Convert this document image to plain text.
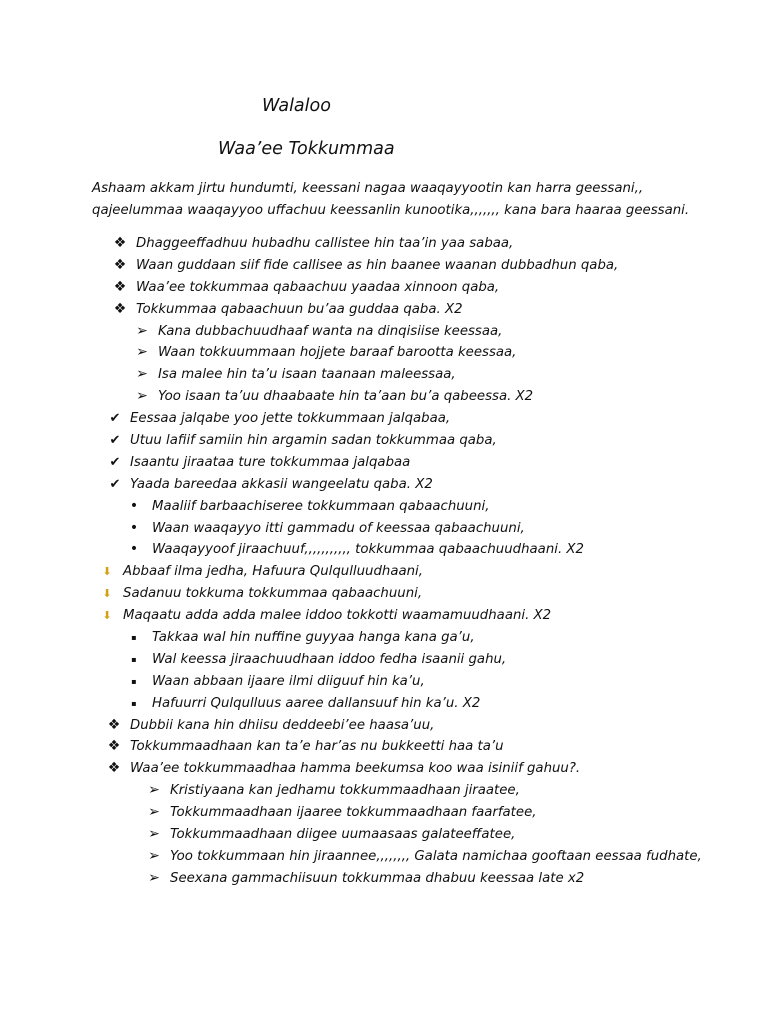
Walaloo
Waa’ee Tokkummaa
Ashaam akkam jirtu hundumti, keessani nagaa waaqayyootin kan harra geessani,,
qajeelummaa waaqayyoo uffachuu keessanlin kunootika,,,,,,, kana bara haaraa geessani.
❖ Dhaggeeffadhuu hubadhu callistee hin taa’in yaa sabaa,
❖ Waan guddaan siif fide callisee as hin baanee waanan dubbadhun qaba,
❖ Waa’ee tokkummaa qabaachuu yaadaa xinnoon qaba,
❖ Tokkummaa qabaachuun bu’aa guddaa qaba. X2
➢ Kana dubbachuudhaaf wanta na dinqisiise keessaa,
➢ Waan tokkuummaan hojjete baraaf barootta keessaa,
➢ Isa malee hin ta’u isaan taanaan maleessaa,
➢ Yoo isaan ta’uu dhaabaate hin ta’aan bu’a qabeessa. X2
✔ Eessaa jalqabe yoo jette tokkummaan jalqabaa,
✔ Utuu lafiif samiin hin argamin sadan tokkummaa qaba,
✔ Isaantu jiraataa ture tokkummaa jalqabaa
✔ Yaada bareedaa akkasii wangeelatu qaba. X2
• Maaliif barbaachiseree tokkummaan qabaachuuni,
• Waan waaqayyo itti gammadu of keessaa qabaachuuni,
• Waaqayyoof jiraachuuf,,,,,,,,,,, tokkummaa qabaachuudhaani. X2
⬇ Abbaaf ilma jedha, Hafuura Qulqulluudhaani,
⬇ Sadanuu tokkuma tokkummaa qabaachuuni,
⬇ Maqaatu adda adda malee iddoo tokkotti waamamuudhaani. X2
▪	Takkaa wal hin nuffine guyyaa hanga kana ga’u,
▪	Wal keessa jiraachuudhaan iddoo fedha isaanii gahu,
▪	Waan abbaan ijaare ilmi diiguuf hin ka’u,
▪	Hafuurri Qulqulluus aaree dallansuuf hin ka’u. X2
❖ Dubbii kana hin dhiisu deddeebi’ee haasa’uu,
❖ Tokkummaadhaan kan ta’e har’as nu bukkeetti haa ta’u
❖ Waa’ee tokkummaadhaa hamma beekumsa koo waa isiniif gahuu?.
➢ Kristiyaana kan jedhamu tokkummaadhaan jiraatee,
➢ Tokkummaadhaan ijaaree tokkummaadhaan faarfatee,
➢ Tokkummaadhaan diigee uumaasaas galateeffatee,
➢ Yoo tokkummaan hin jiraannee,,,,,,,, Galata namichaa gooftaan eessaa fudhate,
➢ Seexana gammachiisuun tokkummaa dhabuu keessaa late x2
